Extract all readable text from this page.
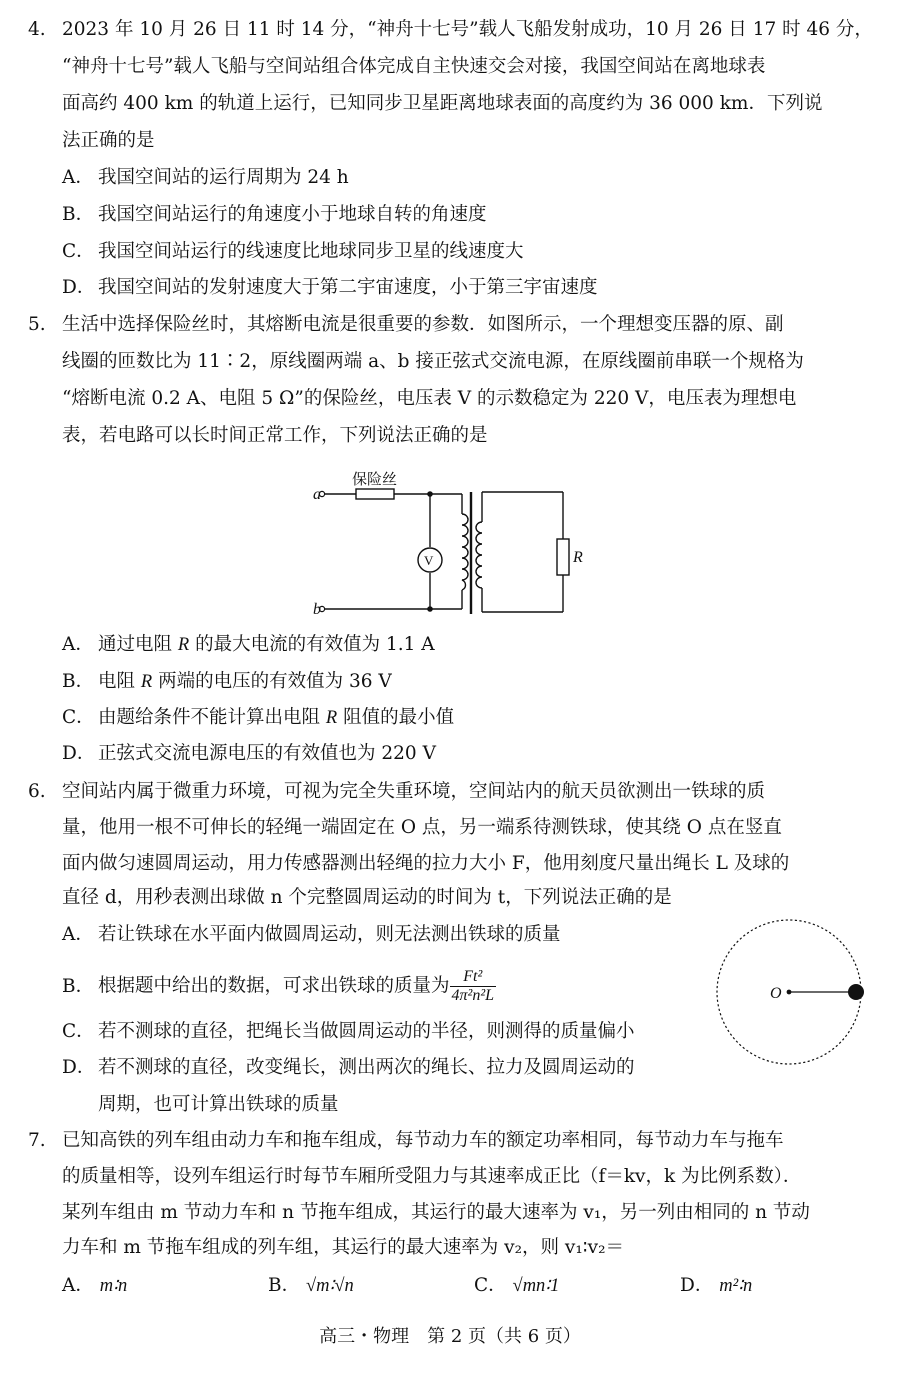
4. 2023 年 10 月 26 日 11 时 14 分，“神舟十七号”载人飞船发射成功，10 月 26 日 17 时 46 分，
“神舟十七号”载人飞船与空间站组合体完成自主快速交会对接，我国空间站在离地球表
面高约 400 km 的轨道上运行，已知同步卫星距离地球表面的高度约为 36 000 km．下列说
法正确的是
A． 我国空间站的运行周期为 24 h
B． 我国空间站运行的角速度小于地球自转的角速度
C． 我国空间站运行的线速度比地球同步卫星的线速度大
D． 我国空间站的发射速度大于第二宇宙速度，小于第三宇宙速度
5. 生活中选择保险丝时，其熔断电流是很重要的参数．如图所示，一个理想变压器的原、副
线圈的匝数比为 11∶2，原线圈两端 a、b 接正弦式交流电源，在原线圈前串联一个规格为
“熔断电流 0.2 A、电阻 5 Ω”的保险丝，电压表 V 的示数稳定为 220 V，电压表为理想电
表，若电路可以长时间正常工作，下列说法正确的是
a
b
保险丝
V	R
A． 通过电阻 R 的最大电流的有效值为 1.1 A
B． 电阻 R 两端的电压的有效值为 36 V
C． 由题给条件不能计算出电阻 R 阻值的最小值
D． 正弦式交流电源电压的有效值也为 220 V
6. 空间站内属于微重力环境，可视为完全失重环境，空间站内的航天员欲测出一铁球的质
量，他用一根不可伸长的轻绳一端固定在 O 点，另一端系待测铁球，使其绕 O 点在竖直
面内做匀速圆周运动，用力传感器测出轻绳的拉力大小 F，他用刻度尺量出绳长 L 及球的
直径 d，用秒表测出球做 n 个完整圆周运动的时间为 t，下列说法正确的是
A． 若让铁球在水平面内做圆周运动，则无法测出铁球的质量
B． 根据题中给出的数据，可求出铁球的质量为 $\frac{\text{Ft²}}{\text{4π²n²L}}$
C． 若不测球的直径，把绳长当做圆周运动的半径，则测得的质量偏小
D． 若不测球的直径，改变绳长，测出两次的绳长、拉力及圆周运动的
周期，也可计算出铁球的质量
O
7. 已知高铁的列车组由动力车和拖车组成，每节动力车的额定功率相同，每节动力车与拖车
的质量相等，设列车组运行时每节车厢所受阻力与其速率成正比（f＝kv，k 为比例系数）．
某列车组由 m 节动力车和 n 节拖车组成，其运行的最大速率为 v₁，另一列由相同的 n 节动
力车和 m 节拖车组成的列车组，其运行的最大速率为 v₂，则 v₁∶v₂＝
A． m∶n	B． √m∶√n	C． √mn∶1	D． m²∶n
高三・物理　第 2 页（共 6 页）
